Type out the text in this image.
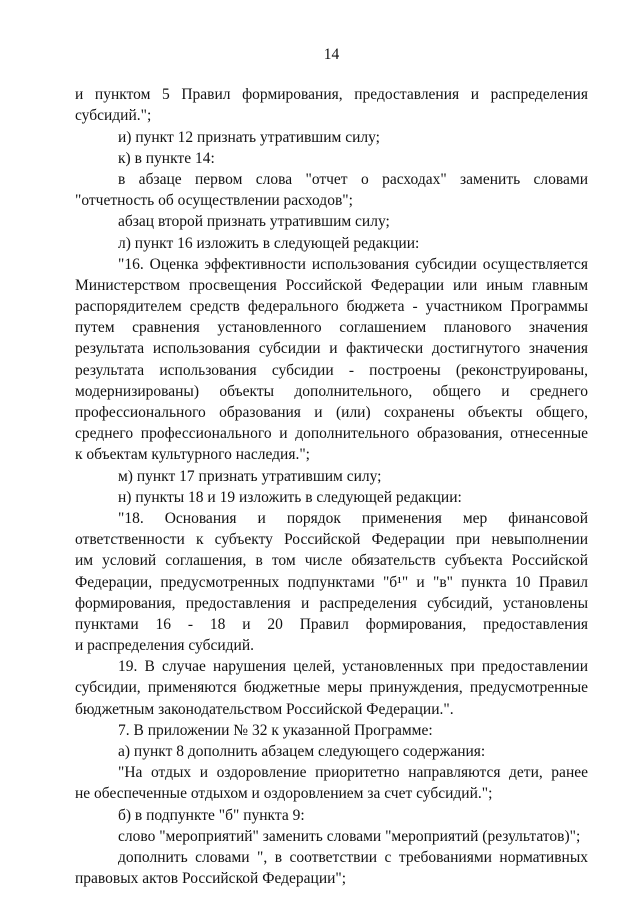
14
и пунктом 5 Правил формирования, предоставления и распределения
субсидий.";
и) пункт 12 признать утратившим силу;
к) в пункте 14:
в абзаце первом слова "отчет о расходах" заменить словами
"отчетность об осуществлении расходов";
абзац второй признать утратившим силу;
л) пункт 16 изложить в следующей редакции:
"16. Оценка эффективности использования субсидии осуществляется
Министерством просвещения Российской Федерации или иным главным
распорядителем средств федерального бюджета - участником Программы
путем сравнения установленного соглашением планового значения
результата использования субсидии и фактически достигнутого значения
результата использования субсидии - построены (реконструированы,
модернизированы) объекты дополнительного, общего и среднего
профессионального образования и (или) сохранены объекты общего,
среднего профессионального и дополнительного образования, отнесенные
к объектам культурного наследия.";
м) пункт 17 признать утратившим силу;
н) пункты 18 и 19 изложить в следующей редакции:
"18. Основания и порядок применения мер финансовой
ответственности к субъекту Российской Федерации при невыполнении
им условий соглашения, в том числе обязательств субъекта Российской
Федерации, предусмотренных подпунктами "б¹" и "в" пункта 10 Правил
формирования, предоставления и распределения субсидий, установлены
пунктами 16 - 18 и 20 Правил формирования, предоставления
и распределения субсидий.
19. В случае нарушения целей, установленных при предоставлении
субсидии, применяются бюджетные меры принуждения, предусмотренные
бюджетным законодательством Российской Федерации.".
7. В приложении № 32 к указанной Программе:
а) пункт 8 дополнить абзацем следующего содержания:
"На отдых и оздоровление приоритетно направляются дети, ранее
не обеспеченные отдыхом и оздоровлением за счет субсидий.";
б) в подпункте "б" пункта 9:
слово "мероприятий" заменить словами "мероприятий (результатов)";
дополнить словами ", в соответствии с требованиями нормативных
правовых актов Российской Федерации";
